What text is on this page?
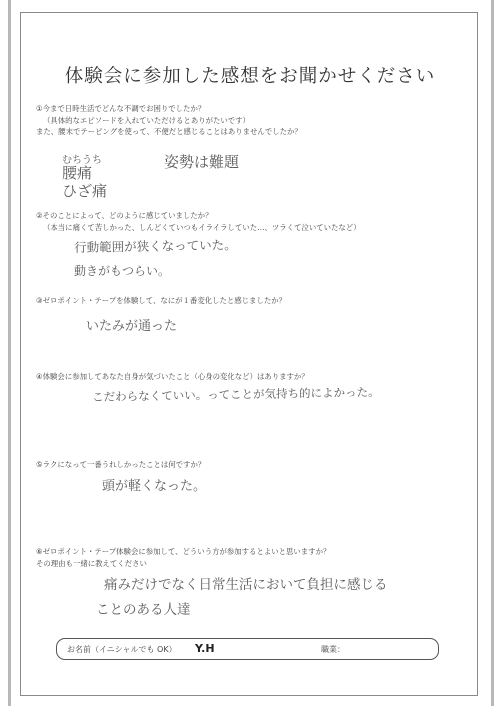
体験会に参加した感想をお聞かせください
①今まで日時生活でどんな不調でお困りでしたか？
（具体的なエピソードを入れていただけるとありがたいです）
また、腰末でテーピングを使って、不便だと感じることはありませんでしたか？
むちうち
腰痛
ひざ痛
姿勢は難題
②そのことによって、どのように感じていましたか？
（本当に痛くて苦しかった、しんどくていつもイライラしていた…、ツラくて泣いていたなど）
行動範囲が狭くなっていた。
動きがもつらい。
③ゼロポイント・テープを体験して、なにが１番変化したと感じましたか？
いたみが通った
④体験会に参加してあなた自身が気づいたこと（心身の変化など）はありますか？
こだわらなくていい。ってことが気持ち的によかった。
⑤ラクになって一番うれしかったことは何ですか？
頭が軽くなった。
⑥ゼロポイント・テープ体験会に参加して、どういう方が参加するとよいと思いますか？
その理由も一緒に教えてください
痛みだけでなく日常生活において負担に感じる
ことのある人達
お名前（イニシャルでも OK） Y.H	職業：
